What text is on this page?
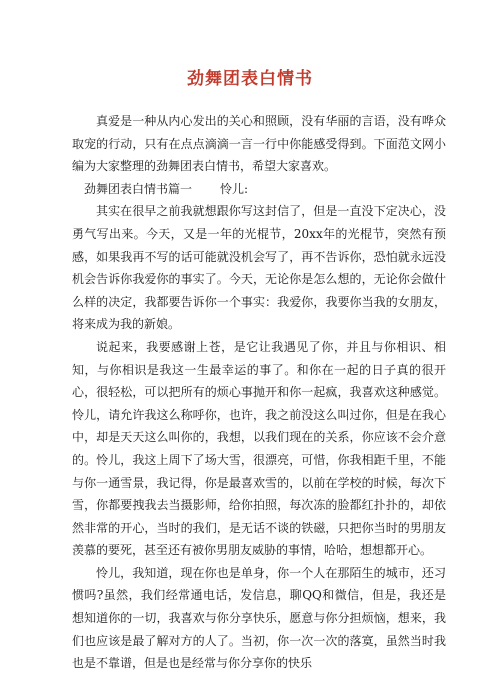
劲舞团表白情书

真爱是一种从内心发出的关心和照顾，没有华丽的言语，没有哗众取宠的行动，只有在点点滴滴一言一行中你能感受得到。下面范文网小编为大家整理的劲舞团表白情书，希望大家喜欢。

劲舞团表白情书篇一 怜儿:

其实在很早之前我就想跟你写这封信了，但是一直没下定决心，没勇气写出来。今天，又是一年的光棍节，20xx年的光棍节，突然有预感，如果我再不写的话可能就没机会写了，再不告诉你，恐怕就永远没机会告诉你我爱你的事实了。今天，无论你是怎么想的，无论你会做什么样的决定，我都要告诉你一个事实：我爱你，我要你当我的女朋友，将来成为我的新娘。

说起来，我要感谢上苍，是它让我遇见了你，并且与你相识、相知，与你相识是我这一生最幸运的事了。和你在一起的日子真的很开心，很轻松，可以把所有的烦心事抛开和你一起疯，我喜欢这种感觉。怜儿，请允许我这么称呼你，也许，我之前没这么叫过你，但是在我心中，却是天天这么叫你的，我想，以我们现在的关系，你应该不会介意的。怜儿，我这上周下了场大雪，很漂亮，可惜，你我相距千里，不能与你一通雪景，我记得，你是最喜欢雪的，以前在学校的时候，每次下雪，你都要拽我去当摄影师，给你拍照，每次冻的脸都红扑扑的，却依然非常的开心，当时的我们，是无话不谈的铁磁，只把你当时的男朋友羡慕的要死，甚至还有被你男朋友威胁的事情，哈哈，想想都开心。

怜儿，我知道，现在你也是单身，你一个人在那陌生的城市，还习惯吗?虽然，我们经常通电话，发信息，聊QQ和微信，但是，我还是想知道你的一切，我喜欢与你分享快乐，愿意与你分担烦恼，想来，我们也应该是最了解对方的人了。当初，你一次一次的落寞，虽然当时我也是不靠谱，但是也是经常与你分享你的快乐
